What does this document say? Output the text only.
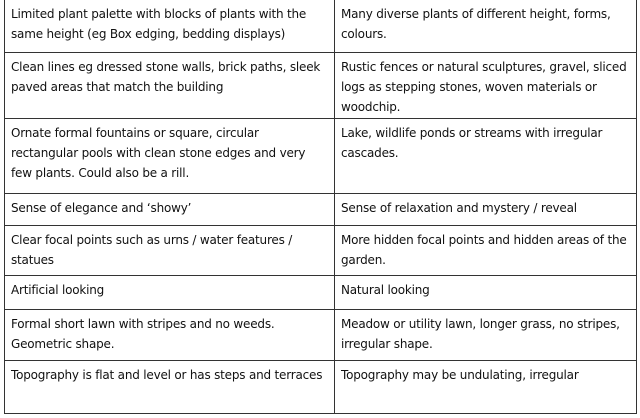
Limited plant palette with blocks of plants with the same height (eg Box edging, bedding displays)	Many diverse plants of different height, forms, colours.
Clean lines eg dressed stone walls, brick paths, sleek paved areas that match the building	Rustic fences or natural sculptures, gravel, sliced logs as stepping stones, woven materials or woodchip.
Ornate formal fountains or square, circular rectangular pools with clean stone edges and very few plants. Could also be a rill.	Lake, wildlife ponds or streams with irregular cascades.
Sense of elegance and ‘showy’	Sense of relaxation and mystery / reveal
Clear focal points such as urns / water features / statues	More hidden focal points and hidden areas of the garden.
Artificial looking	Natural looking
Formal short lawn with stripes and no weeds. Geometric shape.	Meadow or utility lawn, longer grass, no stripes, irregular shape.
Topography is flat and level or has steps and terraces	Topography may be undulating, irregular
